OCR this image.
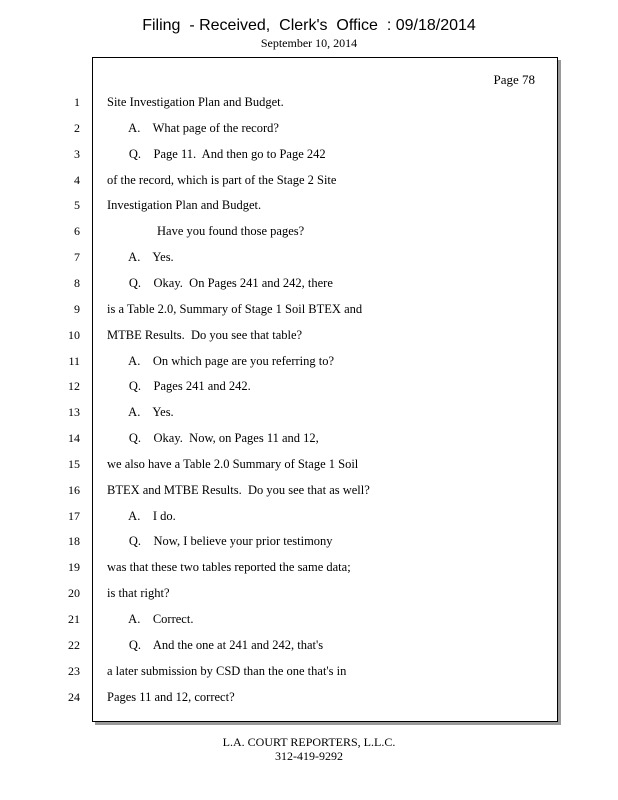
Filing  - Received,  Clerk's  Office  : 09/18/2014
September 10, 2014
Page 78
1 Site Investigation Plan and Budget.
2 A.    What page of the record?
3 Q.    Page 11.  And then go to Page 242
4 of the record, which is part of the Stage 2 Site
5 Investigation Plan and Budget.
6 Have you found those pages?
7 A.    Yes.
8 Q.    Okay.  On Pages 241 and 242, there
9 is a Table 2.0, Summary of Stage 1 Soil BTEX and
10 MTBE Results.  Do you see that table?
11 A.    On which page are you referring to?
12 Q.    Pages 241 and 242.
13 A.    Yes.
14 Q.    Okay.  Now, on Pages 11 and 12,
15 we also have a Table 2.0 Summary of Stage 1 Soil
16 BTEX and MTBE Results.  Do you see that as well?
17 A.    I do.
18 Q.    Now, I believe your prior testimony
19 was that these two tables reported the same data;
20 is that right?
21 A.    Correct.
22 Q.    And the one at 241 and 242, that's
23 a later submission by CSD than the one that's in
24 Pages 11 and 12, correct?
L.A. COURT REPORTERS, L.L.C.
312-419-9292
